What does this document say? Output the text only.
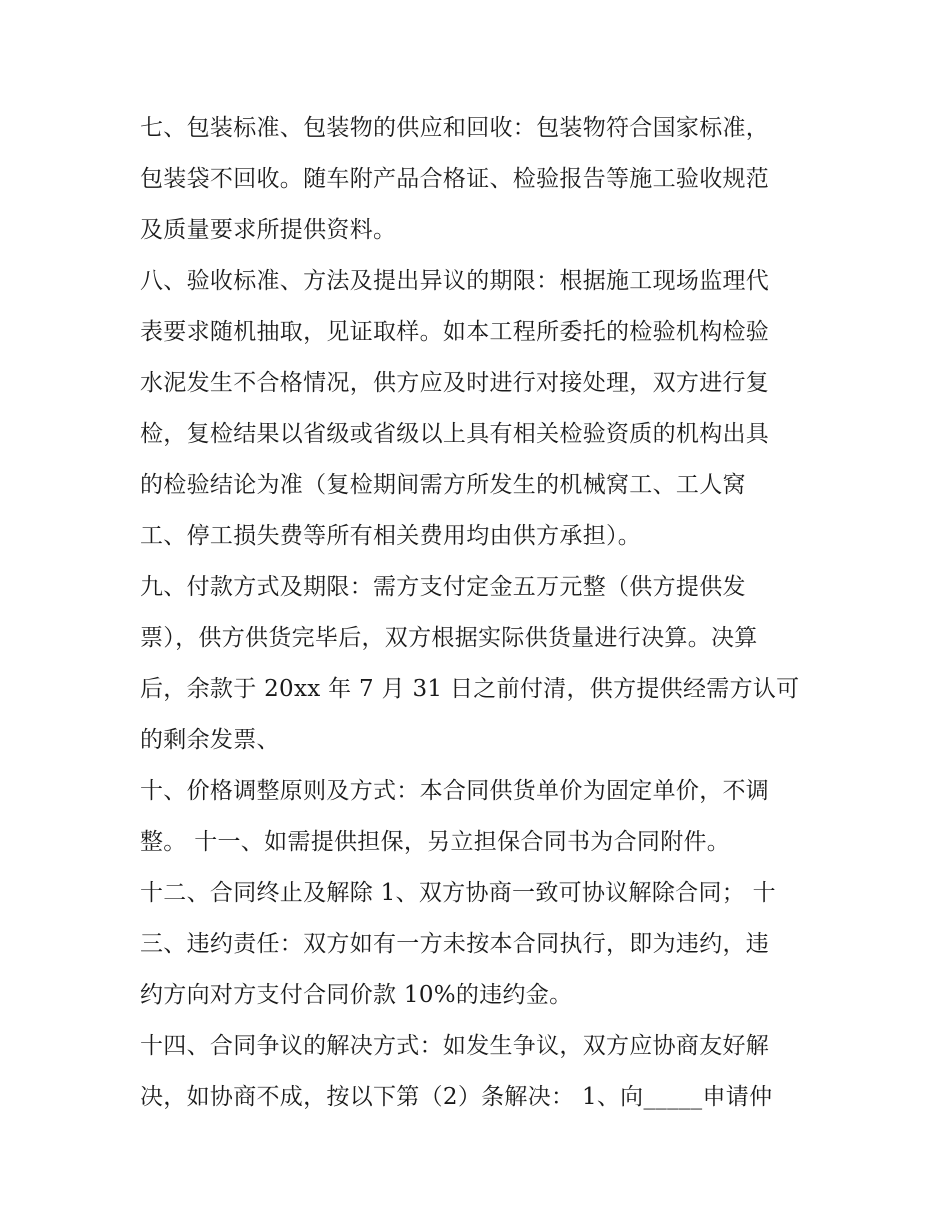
七、包装标准、包装物的供应和回收：包装物符合国家标准，
包装袋不回收。随车附产品合格证、检验报告等施工验收规范
及质量要求所提供资料。
八、验收标准、方法及提出异议的期限：根据施工现场监理代
表要求随机抽取，见证取样。如本工程所委托的检验机构检验
水泥发生不合格情况，供方应及时进行对接处理，双方进行复
检，复检结果以省级或省级以上具有相关检验资质的机构出具
的检验结论为准（复检期间需方所发生的机械窝工、工人窝
工、停工损失费等所有相关费用均由供方承担）。
九、付款方式及期限：需方支付定金五万元整（供方提供发
票），供方供货完毕后，双方根据实际供货量进行决算。决算
后，余款于 20xx 年 7 月 31 日之前付清，供方提供经需方认可
的剩余发票、
十、价格调整原则及方式：本合同供货单价为固定单价，不调
整。 十一、如需提供担保，另立担保合同书为合同附件。
十二、合同终止及解除 1、双方协商一致可协议解除合同； 十
三、违约责任：双方如有一方未按本合同执行，即为违约，违
约方向对方支付合同价款 10%的违约金。
十四、合同争议的解决方式：如发生争议，双方应协商友好解
决，如协商不成，按以下第（2）条解决： 1、向_____申请仲
